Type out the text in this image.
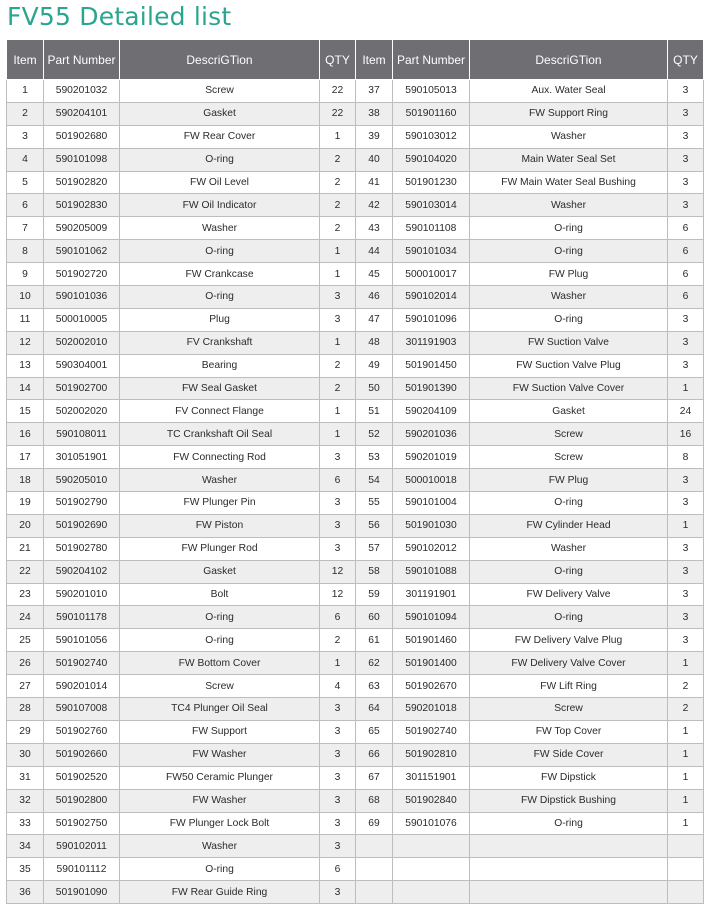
FV55 Detailed list
Item	Part Number	DescriGTion	QTY	Item	Part Number	DescriGTion	QTY
1	590201032	Screw	22	37	590105013	Aux. Water Seal	3
2	590204101	Gasket	22	38	501901160	FW Support Ring	3
3	501902680	FW Rear Cover	1	39	590103012	Washer	3
4	590101098	O-ring	2	40	590104020	Main Water Seal Set	3
5	501902820	FW Oil Level	2	41	501901230	FW Main Water Seal Bushing	3
6	501902830	FW Oil Indicator	2	42	590103014	Washer	3
7	590205009	Washer	2	43	590101108	O-ring	6
8	590101062	O-ring	1	44	590101034	O-ring	6
9	501902720	FW Crankcase	1	45	500010017	FW Plug	6
10	590101036	O-ring	3	46	590102014	Washer	6
11	500010005	Plug	3	47	590101096	O-ring	3
12	502002010	FV Crankshaft	1	48	301191903	FW Suction Valve	3
13	590304001	Bearing	2	49	501901450	FW Suction Valve Plug	3
14	501902700	FW Seal Gasket	2	50	501901390	FW Suction Valve Cover	1
15	502002020	FV Connect Flange	1	51	590204109	Gasket	24
16	590108011	TC Crankshaft Oil Seal	1	52	590201036	Screw	16
17	301051901	FW Connecting Rod	3	53	590201019	Screw	8
18	590205010	Washer	6	54	500010018	FW Plug	3
19	501902790	FW Plunger Pin	3	55	590101004	O-ring	3
20	501902690	FW Piston	3	56	501901030	FW Cylinder Head	1
21	501902780	FW Plunger Rod	3	57	590102012	Washer	3
22	590204102	Gasket	12	58	590101088	O-ring	3
23	590201010	Bolt	12	59	301191901	FW Delivery Valve	3
24	590101178	O-ring	6	60	590101094	O-ring	3
25	590101056	O-ring	2	61	501901460	FW Delivery Valve Plug	3
26	501902740	FW Bottom Cover	1	62	501901400	FW Delivery Valve Cover	1
27	590201014	Screw	4	63	501902670	FW Lift Ring	2
28	590107008	TC4 Plunger Oil Seal	3	64	590201018	Screw	2
29	501902760	FW Support	3	65	501902740	FW Top Cover	1
30	501902660	FW Washer	3	66	501902810	FW Side Cover	1
31	501902520	FW50 Ceramic Plunger	3	67	301151901	FW Dipstick	1
32	501902800	FW Washer	3	68	501902840	FW Dipstick Bushing	1
33	501902750	FW Plunger Lock Bolt	3	69	590101076	O-ring	1
34	590102011	Washer	3				
35	590101112	O-ring	6				
36	501901090	FW Rear Guide Ring	3				
